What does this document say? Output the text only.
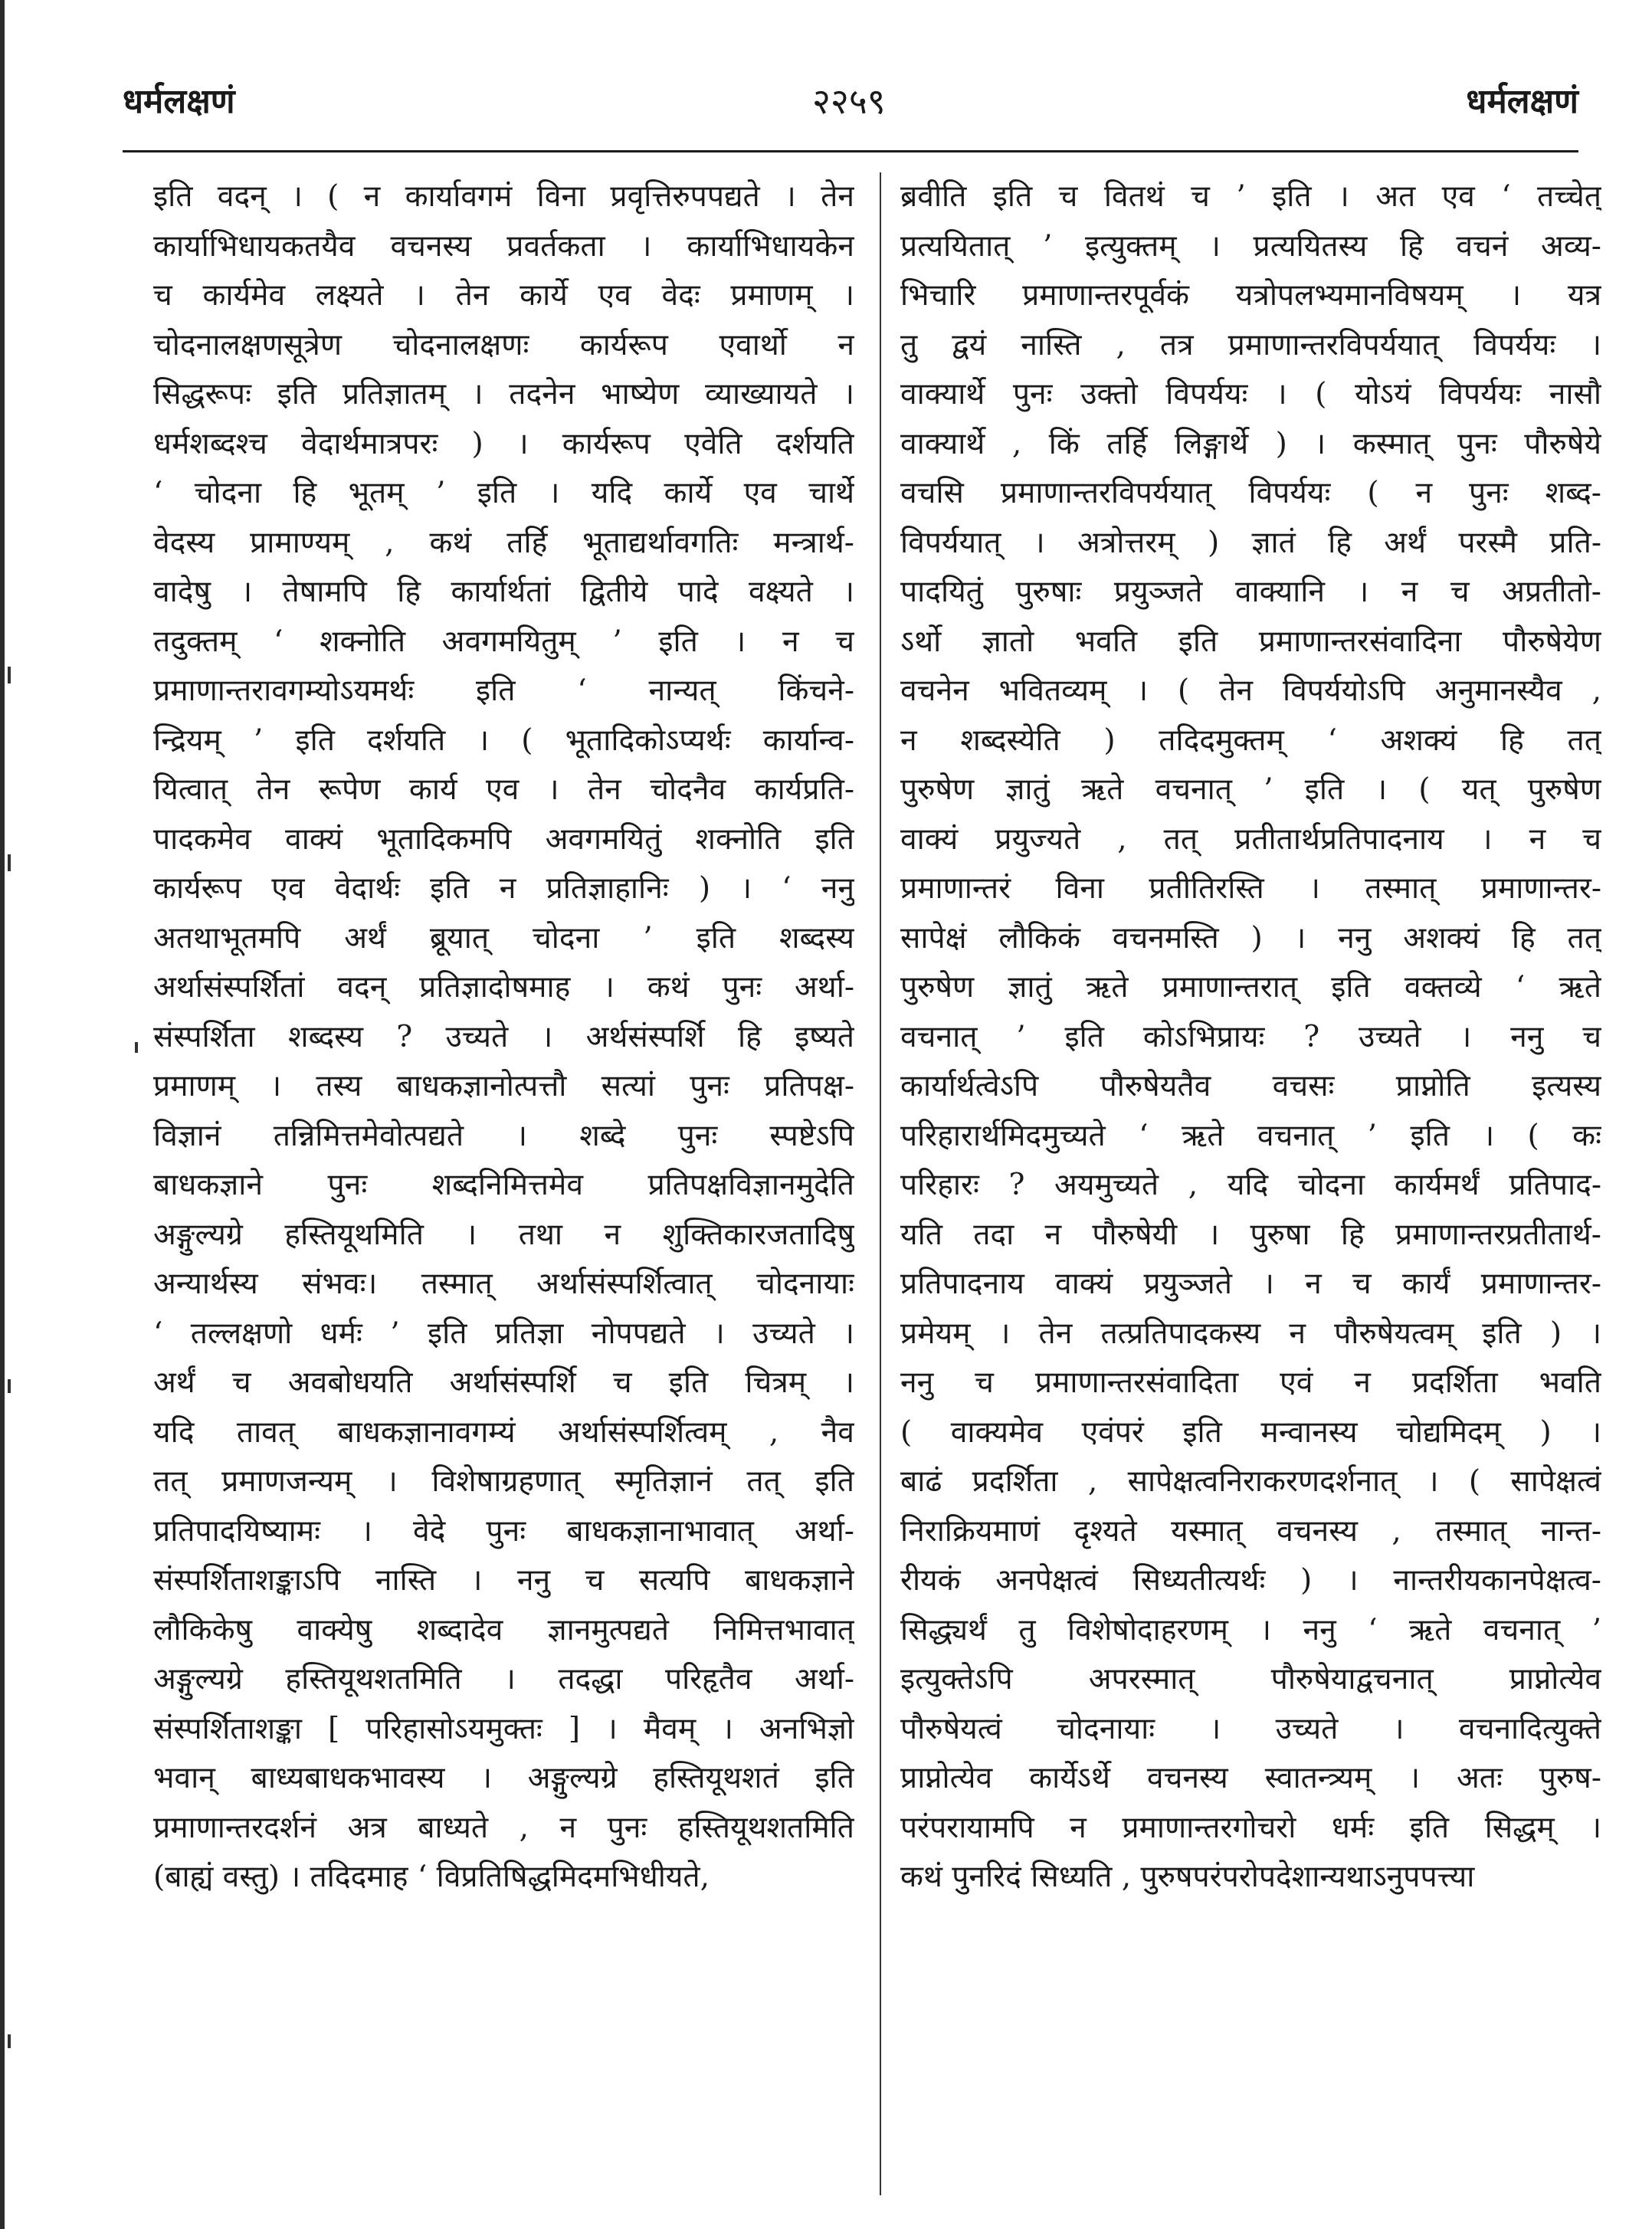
धर्मलक्षणं	२२५९	धर्मलक्षणं
इति वदन् । ( न कार्यावगमं विना प्रवृत्तिरुपपद्यते । तेन
कार्याभिधायकतयैव वचनस्य प्रवर्तकता । कार्याभिधायकेन
च कार्यमेव लक्ष्यते । तेन कार्ये एव वेदः प्रमाणम् ।
चोदनालक्षणसूत्रेण चोदनालक्षणः कार्यरूप एवार्थो न
सिद्धरूपः इति प्रतिज्ञातम् । तदनेन भाष्येण व्याख्यायते ।
धर्मशब्दश्च वेदार्थमात्रपरः ) । कार्यरूप एवेति दर्शयति
‘ चोदना हि भूतम् ’ इति । यदि कार्ये एव चार्थे
वेदस्य प्रामाण्यम् , कथं तर्हि भूताद्यर्थावगतिः मन्त्रार्थ-
वादेषु । तेषामपि हि कार्यार्थतां द्वितीये पादे वक्ष्यते ।
तदुक्तम् ‘ शक्नोति अवगमयितुम् ’ इति । न च
प्रमाणान्तरावगम्योऽयमर्थः इति ‘ नान्यत् किंचने-
न्द्रियम् ’ इति दर्शयति । ( भूतादिकोऽप्यर्थः कार्यान्व-
यित्वात् तेन रूपेण कार्य एव । तेन चोदनैव कार्यप्रति-
पादकमेव वाक्यं भूतादिकमपि अवगमयितुं शक्नोति इति
कार्यरूप एव वेदार्थः इति न प्रतिज्ञाहानिः ) । ‘ ननु
अतथाभूतमपि अर्थं ब्रूयात् चोदना ’ इति शब्दस्य
अर्थासंस्पर्शितां वदन् प्रतिज्ञादोषमाह । कथं पुनः अर्था-
संस्पर्शिता शब्दस्य ? उच्यते । अर्थसंस्पर्शि हि इष्यते
प्रमाणम् । तस्य बाधकज्ञानोत्पत्तौ सत्यां पुनः प्रतिपक्ष-
विज्ञानं तन्निमित्तमेवोत्पद्यते । शब्दे पुनः स्पष्टेऽपि
बाधकज्ञाने पुनः शब्दनिमित्तमेव प्रतिपक्षविज्ञानमुदेति
अङ्गुल्यग्रे हस्तियूथमिति । तथा न शुक्तिकारजतादिषु
अन्यार्थस्य संभवः। तस्मात् अर्थासंस्पर्शित्वात् चोदनायाः
‘ तल्लक्षणो धर्मः ’ इति प्रतिज्ञा नोपपद्यते । उच्यते ।
अर्थं च अवबोधयति अर्थासंस्पर्शि च इति चित्रम् ।
यदि तावत् बाधकज्ञानावगम्यं अर्थासंस्पर्शित्वम् , नैव
तत् प्रमाणजन्यम् । विशेषाग्रहणात् स्मृतिज्ञानं तत् इति
प्रतिपादयिष्यामः । वेदे पुनः बाधकज्ञानाभावात् अर्था-
संस्पर्शिताशङ्काऽपि नास्ति । ननु च सत्यपि बाधकज्ञाने
लौकिकेषु वाक्येषु शब्दादेव ज्ञानमुत्पद्यते निमित्तभावात्
अङ्गुल्यग्रे हस्तियूथशतमिति । तदद्धा परिहृतैव अर्था-
संस्पर्शिताशङ्का [ परिहासोऽयमुक्तः ] । मैवम् । अनभिज्ञो
भवान् बाध्यबाधकभावस्य । अङ्गुल्यग्रे हस्तियूथशतं इति
प्रमाणान्तरदर्शनं अत्र बाध्यते , न पुनः हस्तियूथशतमिति
(बाह्यं वस्तु) । तदिदमाह ‘ विप्रतिषिद्धमिदमभिधीयते,
ब्रवीति इति च वितथं च ’ इति । अत एव ‘ तच्चेत्
प्रत्ययितात् ’ इत्युक्तम् । प्रत्ययितस्य हि वचनं अव्य-
भिचारि प्रमाणान्तरपूर्वकं यत्रोपलभ्यमानविषयम् । यत्र
तु द्वयं नास्ति , तत्र प्रमाणान्तरविपर्ययात् विपर्ययः ।
वाक्यार्थे पुनः उक्तो विपर्ययः । ( योऽयं विपर्ययः नासौ
वाक्यार्थे , किं तर्हि लिङ्गार्थे ) । कस्मात् पुनः पौरुषेये
वचसि प्रमाणान्तरविपर्ययात् विपर्ययः ( न पुनः शब्द-
विपर्ययात् । अत्रोत्तरम् ) ज्ञातं हि अर्थं परस्मै प्रति-
पादयितुं पुरुषाः प्रयुञ्जते वाक्यानि । न च अप्रतीतो-
ऽर्थो ज्ञातो भवति इति प्रमाणान्तरसंवादिना पौरुषेयेण
वचनेन भवितव्यम् । ( तेन विपर्ययोऽपि अनुमानस्यैव ,
न शब्दस्येति ) तदिदमुक्तम् ‘ अशक्यं हि तत्
पुरुषेण ज्ञातुं ऋते वचनात् ’ इति । ( यत् पुरुषेण
वाक्यं प्रयुज्यते , तत् प्रतीतार्थप्रतिपादनाय । न च
प्रमाणान्तरं विना प्रतीतिरस्ति । तस्मात् प्रमाणान्तर-
सापेक्षं लौकिकं वचनमस्ति ) । ननु अशक्यं हि तत्
पुरुषेण ज्ञातुं ऋते प्रमाणान्तरात् इति वक्तव्ये ‘ ऋते
वचनात् ’ इति कोऽभिप्रायः ? उच्यते । ननु च
कार्यार्थत्वेऽपि पौरुषेयतैव वचसः प्राप्नोति इत्यस्य
परिहारार्थमिदमुच्यते ‘ ऋते वचनात् ’ इति । ( कः
परिहारः ? अयमुच्यते , यदि चोदना कार्यमर्थं प्रतिपाद-
यति तदा न पौरुषेयी । पुरुषा हि प्रमाणान्तरप्रतीतार्थ-
प्रतिपादनाय वाक्यं प्रयुञ्जते । न च कार्यं प्रमाणान्तर-
प्रमेयम् । तेन तत्प्रतिपादकस्य न पौरुषेयत्वम् इति ) ।
ननु च प्रमाणान्तरसंवादिता एवं न प्रदर्शिता भवति
( वाक्यमेव एवंपरं इति मन्वानस्य चोद्यमिदम् ) ।
बाढं प्रदर्शिता , सापेक्षत्वनिराकरणदर्शनात् । ( सापेक्षत्वं
निराक्रियमाणं दृश्यते यस्मात् वचनस्य , तस्मात् नान्त-
रीयकं अनपेक्षत्वं सिध्यतीत्यर्थः ) । नान्तरीयकानपेक्षत्व-
सिद्ध्यर्थं तु विशेषोदाहरणम् । ननु ‘ ऋते वचनात् ’
इत्युक्तेऽपि अपरस्मात् पौरुषेयाद्वचनात् प्राप्नोत्येव
पौरुषेयत्वं चोदनायाः । उच्यते । वचनादित्युक्ते
प्राप्नोत्येव कार्येऽर्थे वचनस्य स्वातन्त्र्यम् । अतः पुरुष-
परंपरायामपि न प्रमाणान्तरगोचरो धर्मः इति सिद्धम् ।
कथं पुनरिदं सिध्यति , पुरुषपरंपरोपदेशान्यथाऽनुपपत्त्या
